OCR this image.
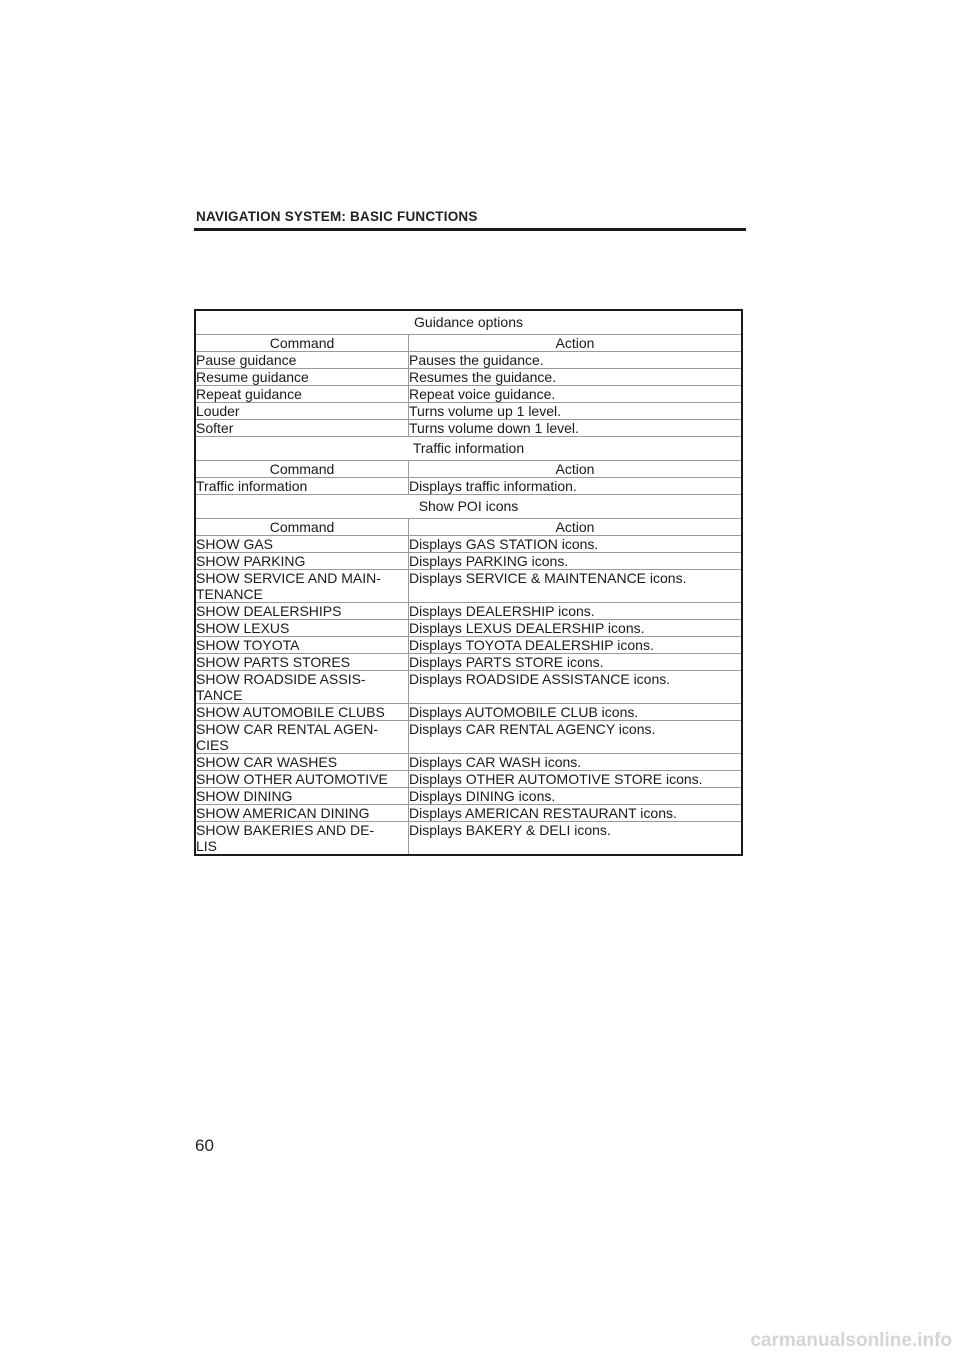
NAVIGATION SYSTEM: BASIC FUNCTIONS
Guidance options	
Command	Action
Pause guidance	Pauses the guidance.
Resume guidance	Resumes the guidance.
Repeat guidance	Repeat voice guidance.
Louder	Turns volume up 1 level.
Softer	Turns volume down 1 level.
Traffic information	
Command	Action
Traffic information	Displays traffic information.
Show POI icons	
Command	Action
SHOW GAS	Displays GAS STATION icons.
SHOW PARKING	Displays PARKING icons.
SHOW SERVICE AND MAIN-
TENANCE	Displays SERVICE & MAINTENANCE icons.
SHOW DEALERSHIPS	Displays DEALERSHIP icons.
SHOW LEXUS	Displays LEXUS DEALERSHIP icons.
SHOW TOYOTA	Displays TOYOTA DEALERSHIP icons.
SHOW PARTS STORES	Displays PARTS STORE icons.
SHOW ROADSIDE ASSIS-
TANCE	Displays ROADSIDE ASSISTANCE icons.
SHOW AUTOMOBILE CLUBS	Displays AUTOMOBILE CLUB icons.
SHOW CAR RENTAL AGEN-
CIES	Displays CAR RENTAL AGENCY icons.
SHOW CAR WASHES	Displays CAR WASH icons.
SHOW OTHER AUTOMOTIVE	Displays OTHER AUTOMOTIVE STORE icons.
SHOW DINING	Displays DINING icons.
SHOW AMERICAN DINING	Displays AMERICAN RESTAURANT icons.
SHOW BAKERIES AND DE-
LIS	Displays BAKERY & DELI icons.
60
carmanualsonline.info
